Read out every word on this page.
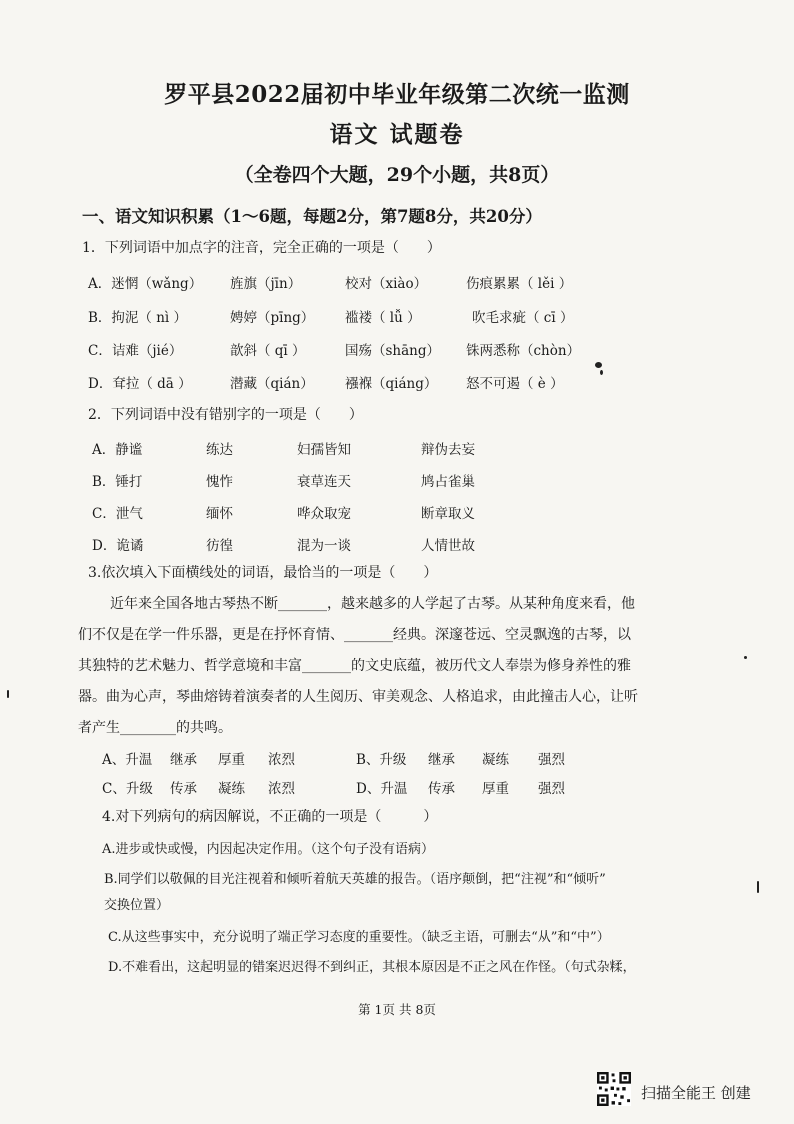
罗平县2022届初中毕业年级第二次统一监测
语文 试题卷
（全卷四个大题，29个小题，共8页）
一、语文知识积累（1～6题，每题2分，第7题8分，共20分）
1．下列词语中加点字的注音，完全正确的一项是（　　）
A．迷惘（wǎng） 旌旗（jīn）	校对（xiào）	伤痕累累（ lěi ）
B．拘泥（ nì ）	娉婷（pīng） 褴褛（ lǚ ）	吹毛求疵（ cī ）
C．诘难（jié）	歆斜（ qī ）	国殇（shāng） 铢两悉称（chòn）
D．耷拉（ dā ）	潜藏（qián） 襁褓（qiáng） 怒不可遏（ è ）
2．下列词语中没有错别字的一项是（　　）
A．静谧	练达	妇孺皆知	辩伪去妄
B．锤打	愧怍	衰草连天	鸠占雀巢
C．泄气	缅怀	哗众取宠	断章取义
D．诡谲	彷徨	混为一谈	人情世故
3.依次填入下面横线处的词语，最恰当的一项是（　　）

近年来全国各地古琴热不断_______，越来越多的人学起了古琴。从某种角度来看，他

们不仅是在学一件乐器，更是在抒怀育情、_______经典。深邃苍远、空灵飘逸的古琴，以

其独特的艺术魅力、哲学意境和丰富_______的文史底蕴，被历代文人奉崇为修身养性的雅

器。曲为心声，琴曲熔铸着演奏者的人生阅历、审美观念、人格追求，由此撞击人心，让听

者产生________的共鸣。

A、升温 继承 厚重 浓烈	B、升级 继承 凝练 强烈
C、升级 传承 凝练 浓烈	D、升温 传承 厚重 强烈
4.对下列病句的病因解说，不正确的一项是（　　　）
A.进步或快或慢，内因起决定作用。（这个句子没有语病）
B.同学们以敬佩的目光注视着和倾听着航天英雄的报告。（语序颠倒，把“注视”和“倾听”
交换位置）
C.从这些事实中，充分说明了端正学习态度的重要性。（缺乏主语，可删去“从”和“中”）
D.不难看出，这起明显的错案迟迟得不到纠正，其根本原因是不正之风在作怪。（句式杂糅，
第 1页 共 8页
扫描全能王 创建
